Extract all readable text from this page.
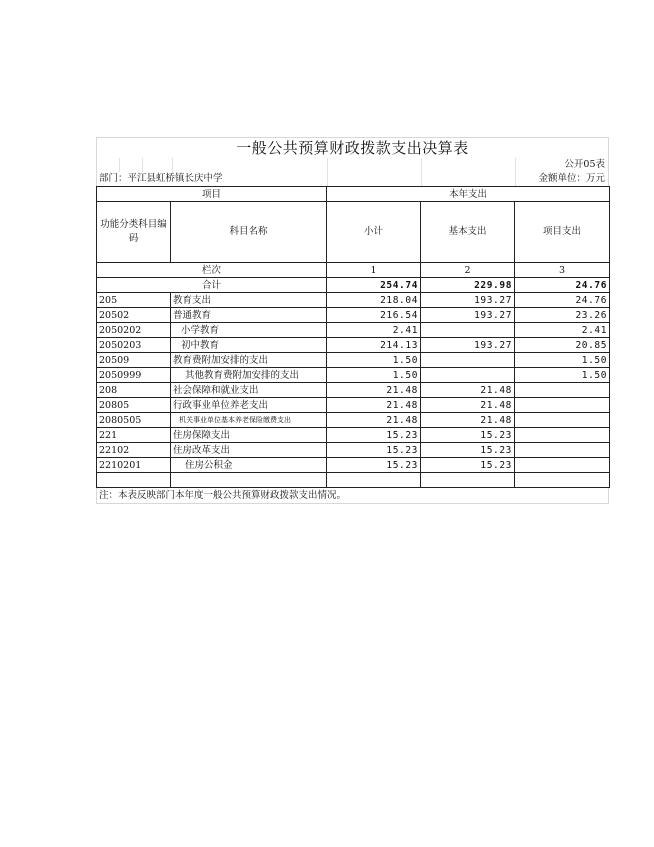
一般公共预算财政拨款支出决算表
公开05表
部门：平江县虹桥镇长庆中学	金额单位：万元
项目		本年支出		
功能分类科目编码	科目名称	小计	基本支出	项目支出
栏次		1	2	3
合计		254.74	229.98	24.76
205	教育支出	218.04	193.27	24.76
20502	普通教育	216.54	193.27	23.26
2050202	小学教育	2.41		2.41
2050203	初中教育	214.13	193.27	20.85
20509	教育费附加安排的支出	1.50		1.50
2050999	其他教育费附加安排的支出	1.50		1.50
208	社会保障和就业支出	21.48	21.48	
20805	行政事业单位养老支出	21.48	21.48	
2080505	机关事业单位基本养老保险缴费支出	21.48	21.48	
221	住房保障支出	15.23	15.23	
22102	住房改革支出	15.23	15.23	
2210201	住房公积金	15.23	15.23	

注：本表反映部门本年度一般公共预算财政拨款支出情况。
